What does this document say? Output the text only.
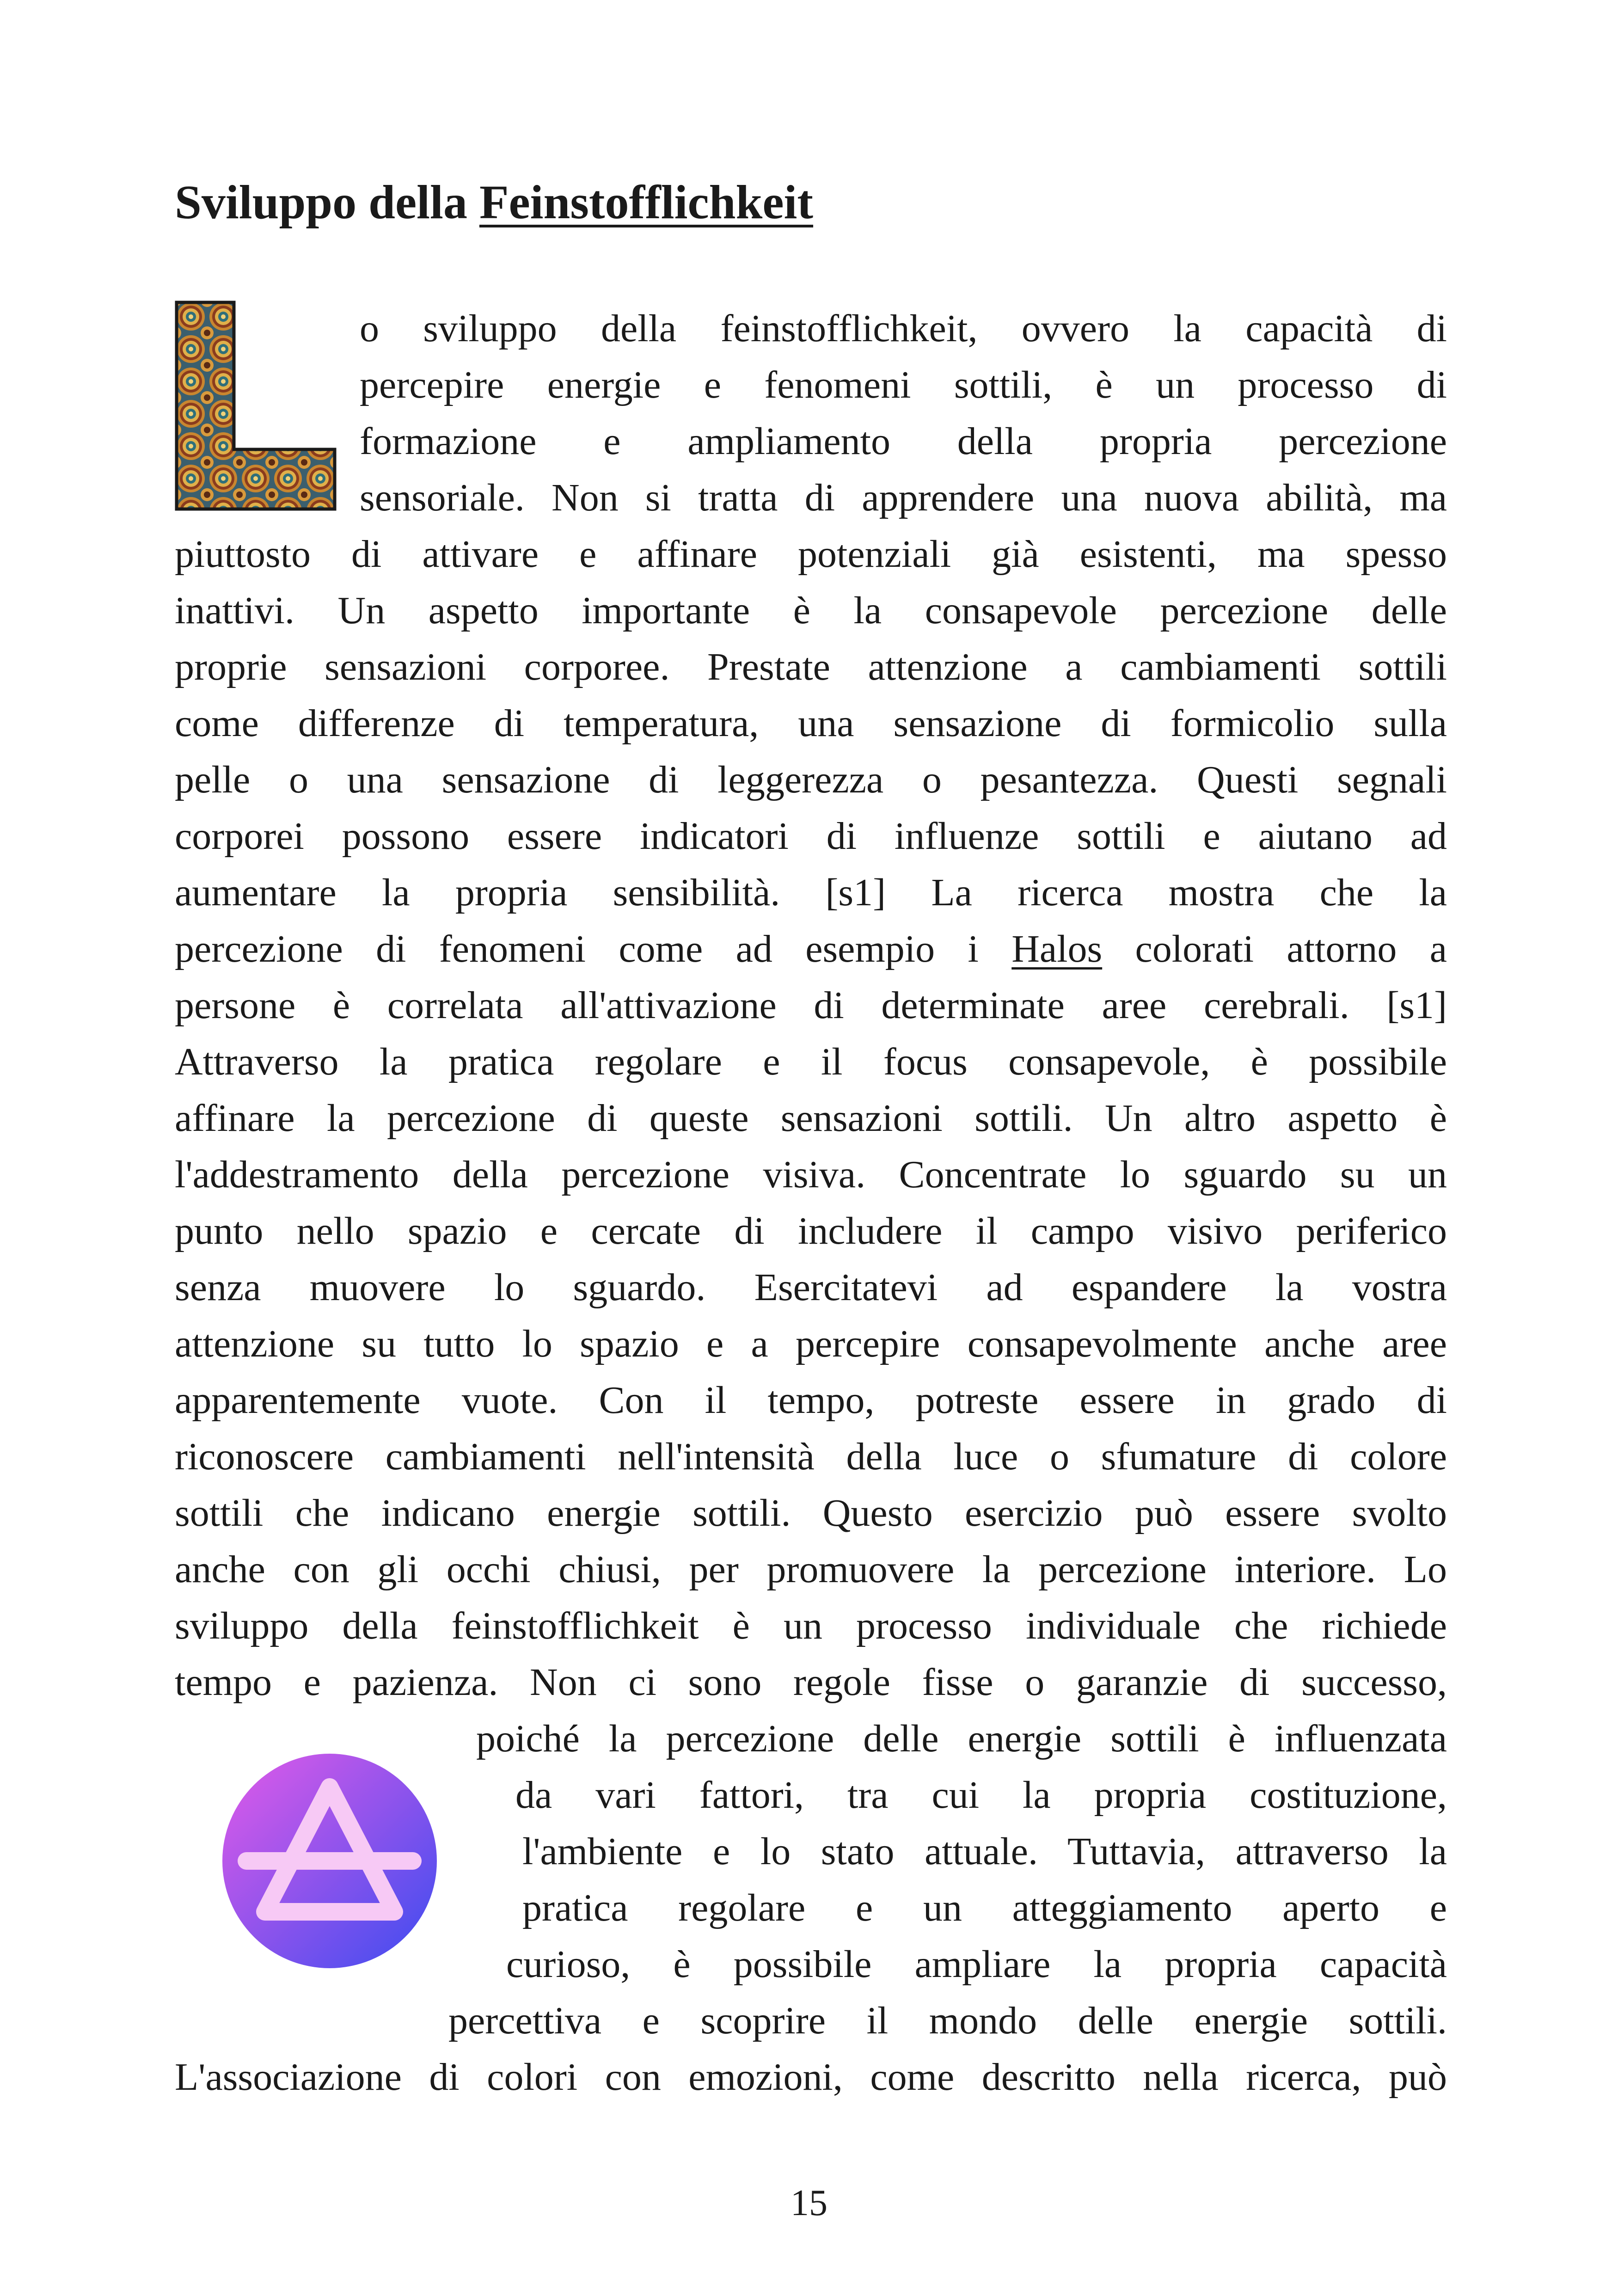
Sviluppo della Feinstofflichkeit
o sviluppo della feinstofflichkeit, ovvero la capacità di
percepire energie e fenomeni sottili, è un processo di
formazione e ampliamento della propria percezione
sensoriale. Non si tratta di apprendere una nuova abilità, ma
piuttosto di attivare e affinare potenziali già esistenti, ma spesso
inattivi. Un aspetto importante è la consapevole percezione delle
proprie sensazioni corporee. Prestate attenzione a cambiamenti sottili
come differenze di temperatura, una sensazione di formicolio sulla
pelle o una sensazione di leggerezza o pesantezza. Questi segnali
corporei possono essere indicatori di influenze sottili e aiutano ad
aumentare la propria sensibilità. [s1] La ricerca mostra che la
percezione di fenomeni come ad esempio i Halos colorati attorno a
persone è correlata all'attivazione di determinate aree cerebrali. [s1]
Attraverso la pratica regolare e il focus consapevole, è possibile
affinare la percezione di queste sensazioni sottili. Un altro aspetto è
l'addestramento della percezione visiva. Concentrate lo sguardo su un
punto nello spazio e cercate di includere il campo visivo periferico
senza muovere lo sguardo. Esercitatevi ad espandere la vostra
attenzione su tutto lo spazio e a percepire consapevolmente anche aree
apparentemente vuote. Con il tempo, potreste essere in grado di
riconoscere cambiamenti nell'intensità della luce o sfumature di colore
sottili che indicano energie sottili. Questo esercizio può essere svolto
anche con gli occhi chiusi, per promuovere la percezione interiore. Lo
sviluppo della feinstofflichkeit è un processo individuale che richiede
tempo e pazienza. Non ci sono regole fisse o garanzie di successo,
poiché la percezione delle energie sottili è influenzata
da vari fattori, tra cui la propria costituzione,
l'ambiente e lo stato attuale. Tuttavia, attraverso la
pratica regolare e un atteggiamento aperto e
curioso, è possibile ampliare la propria capacità
percettiva e scoprire il mondo delle energie sottili.
L'associazione di colori con emozioni, come descritto nella ricerca, può
15
